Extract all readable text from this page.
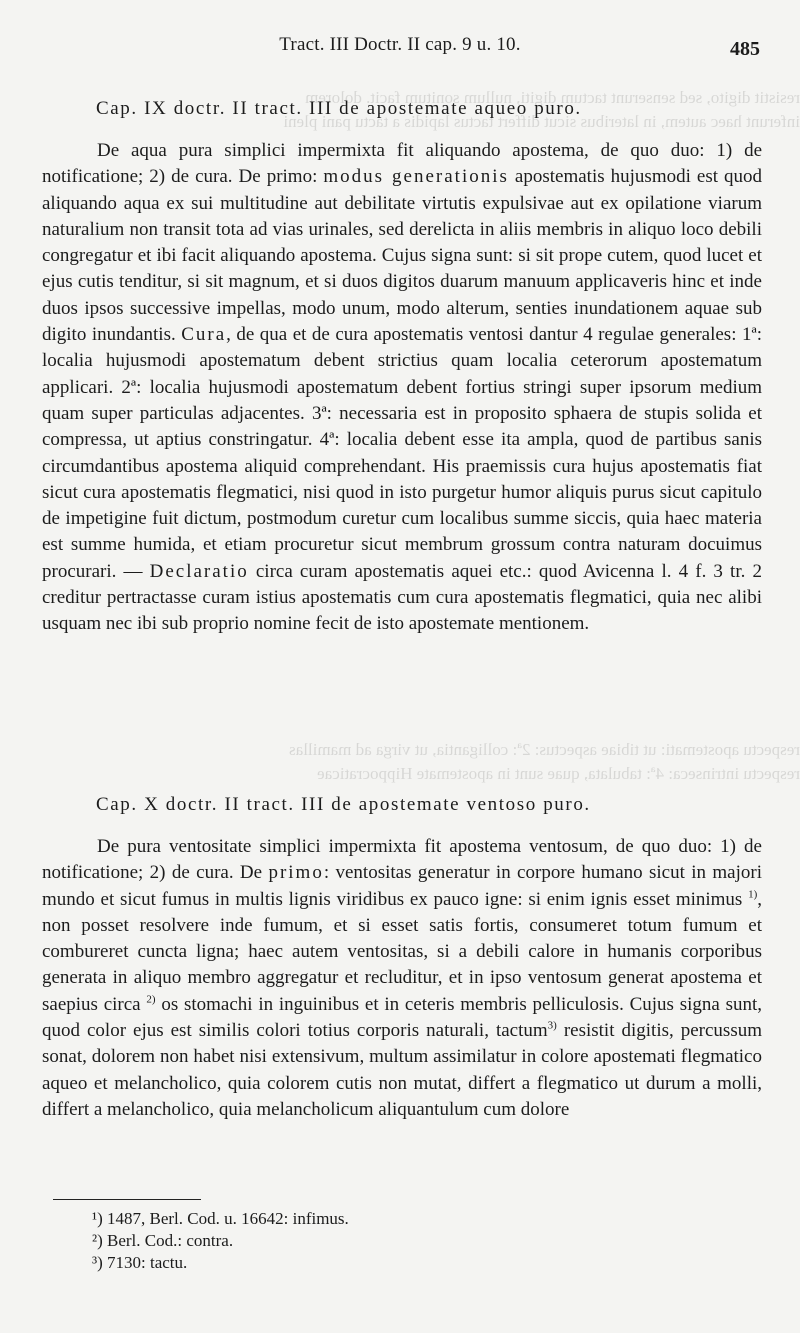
resistit digito, sed senserunt tactum digiti, nullum sonitum facit. dolorem
inferunt haec autem, in lateribus sicut differt tactus lapidis a tactu pani pleni
respectu apostemati: ut tibiae aspectus: 2ª: colligantia, ut virga ad mamillas
respectu intrinseca: 4ª: tabulata, quae sunt in apostemate Hippocraticae
Tract. III Doctr. II cap. 9 u. 10.	485
Cap. IX doctr. II tract. III de apostemate aqueo puro.

De aqua pura simplici impermixta fit aliquando apostema, de quo duo: 1) de notificatione; 2) de cura. De primo: modus generationis apostematis hujusmodi est quod aliquando aqua ex sui multitudine aut debilitate virtutis expulsivae aut ex opilatione viarum naturalium non transit tota ad vias urinales, sed derelicta in aliis membris in aliquo loco debili congregatur et ibi facit aliquando apostema. Cujus signa sunt: si sit prope cutem, quod lucet et ejus cutis tenditur, si sit magnum, et si duos digitos duarum manuum applicaveris hinc et inde duos ipsos successive impellas, modo unum, modo alterum, senties inundationem aquae sub digito inundantis. Cura, de qua et de cura apostematis ventosi dantur 4 regulae generales: 1ª: localia hujusmodi apostematum debent strictius quam localia ceterorum apostematum applicari. 2ª: localia hujusmodi apostematum debent fortius stringi super ipsorum medium quam super particulas adjacentes. 3ª: necessaria est in proposito sphaera de stupis solida et compressa, ut aptius constringatur. 4ª: localia debent esse ita ampla, quod de partibus sanis circumdantibus apostema aliquid comprehendant. His praemissis cura hujus apostematis fiat sicut cura apostematis flegmatici, nisi quod in isto purgetur humor aliquis purus sicut capitulo de impetigine fuit dictum, postmodum curetur cum localibus summe siccis, quia haec materia est summe humida, et etiam procuretur sicut membrum grossum contra naturam docuimus procurari. — Declaratio circa curam apostematis aquei etc.: quod Avicenna l. 4 f. 3 tr. 2 creditur pertractasse curam istius apostematis cum cura apostematis flegmatici, quia nec alibi usquam nec ibi sub proprio nomine fecit de isto apostemate mentionem.

Cap. X doctr. II tract. III de apostemate ventoso puro.

De pura ventositate simplici impermixta fit apostema ventosum, de quo duo: 1) de notificatione; 2) de cura. De primo: ventositas generatur in corpore humano sicut in majori mundo et sicut fumus in multis lignis viridibus ex pauco igne: si enim ignis esset minimus $^{1)}$, non posset resolvere inde fumum, et si esset satis fortis, consumeret totum fumum et combureret cuncta ligna; haec autem ventositas, si a debili calore in humanis corporibus generata in aliquo membro aggregatur et recluditur, et in ipso ventosum generat apostema et saepius circa $^{2)}$ os stomachi in inguinibus et in ceteris membris pelliculosis. Cujus signa sunt, quod color ejus est similis colori totius corporis naturali, tactum$^{3)}$ resistit digitis, percussum sonat, dolorem non habet nisi extensivum, multum assimilatur in colore apostemati flegmatico aqueo et melancholico, quia colorem cutis non mutat, differt a flegmatico ut durum a molli, differt a melancholico, quia melancholicum aliquantulum cum dolore

¹) 1487, Berl. Cod. u. 16642: infimus.
²) Berl. Cod.: contra.
³) 7130: tactu.
